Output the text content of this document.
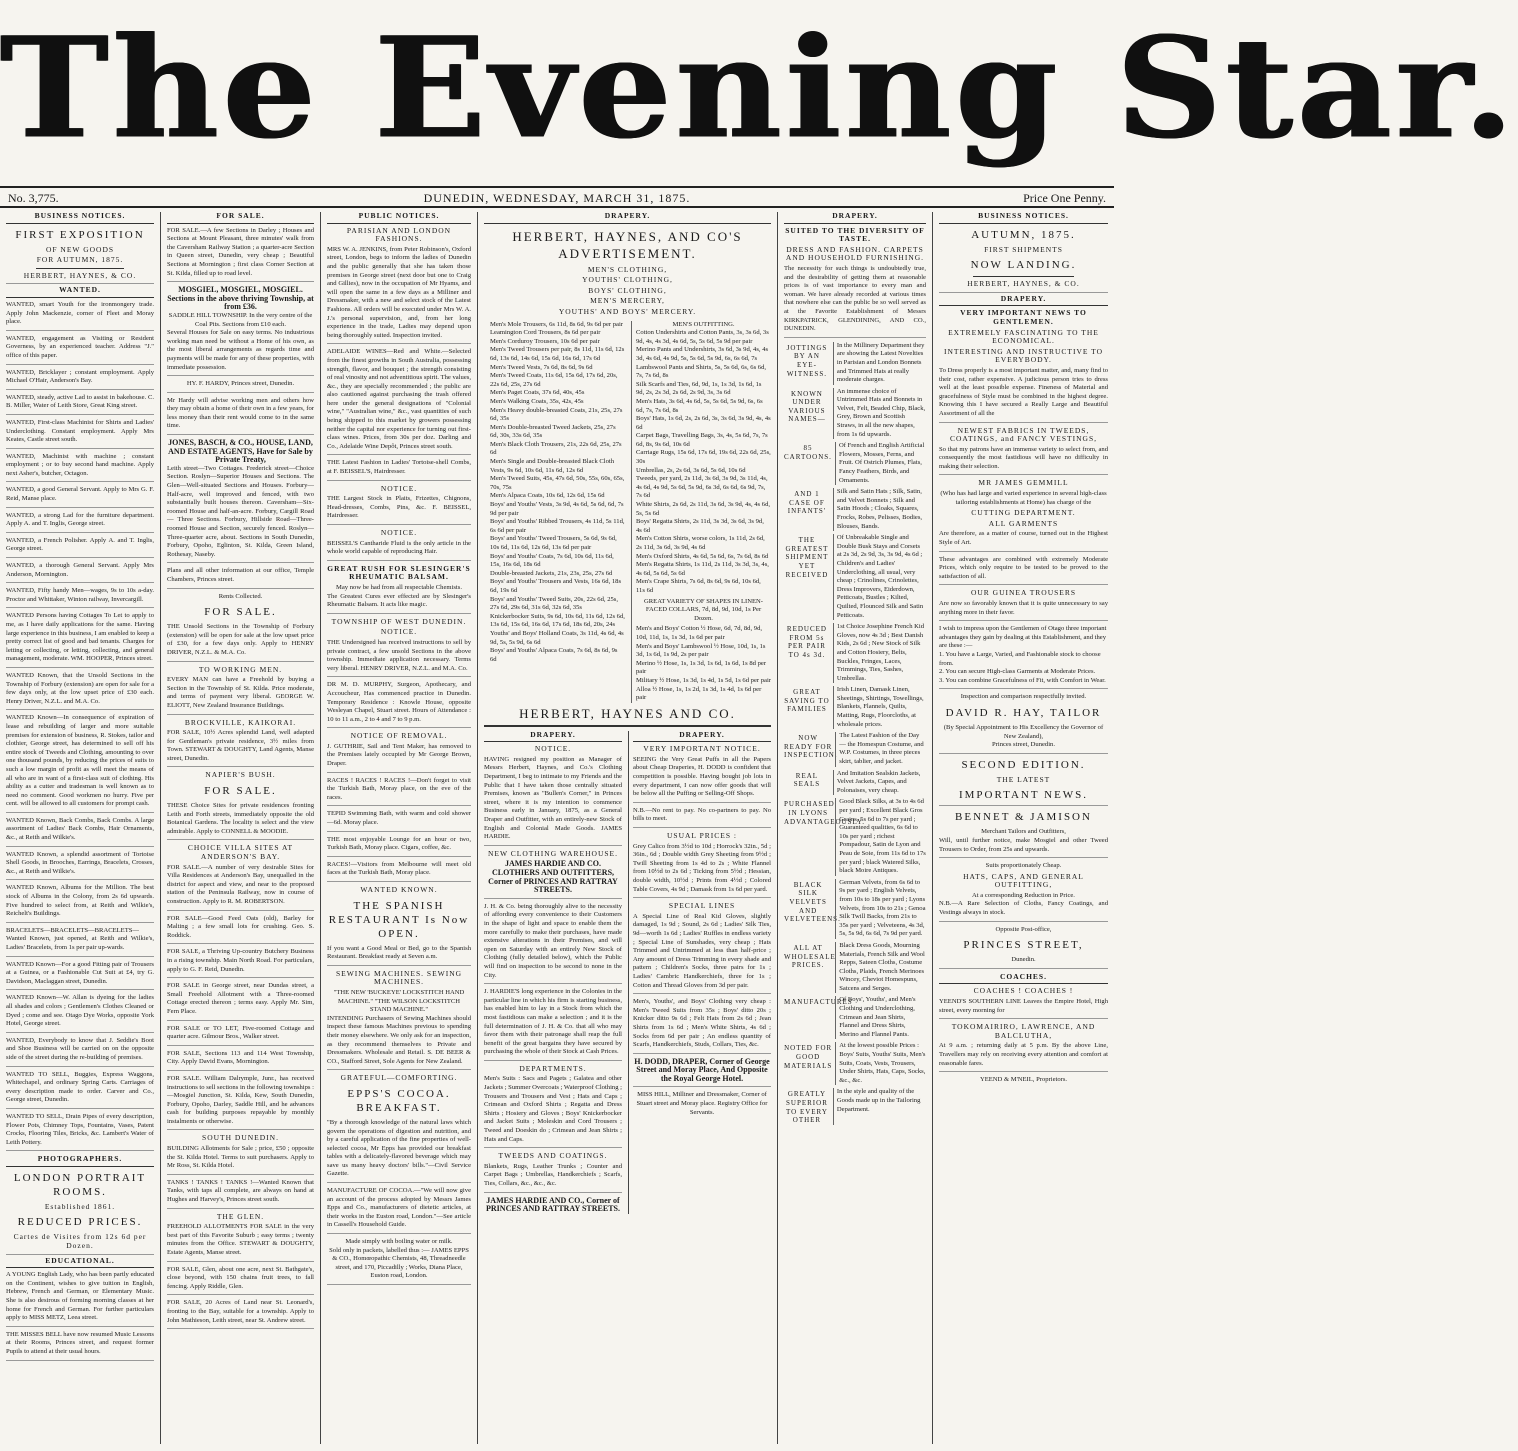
The Evening Star.
No. 3,775.	DUNEDIN, WEDNESDAY, MARCH 31, 1875.	Price One Penny.
BUSINESS NOTICES.
FIRST EXPOSITION
OF NEW GOODS
FOR AUTUMN, 1875.
HERBERT, HAYNES, & CO.
WANTED.
WANTED, smart Youth for the ironmongery trade. Apply John Mackenzie, corner of Fleet and Moray place.
WANTED, engagement as Visiting or Resident Governess, by an experienced teacher. Address "J." office of this paper.
WANTED, Bricklayer ; constant employment. Apply Michael O'Hair, Anderson's Bay.
WANTED, steady, active Lad to assist in bakehouse. C. B. Miller, Water of Leith Store, Great King street.
WANTED, First-class Machinist for Shirts and Ladies' Underclothing. Constant employment. Apply Mrs Keates, Castle street south.
WANTED, Machinist with machine ; constant employment ; or to buy second hand machine. Apply next Asher's, butcher, Octagon.
WANTED, a good General Servant. Apply to Mrs G. F. Reid, Manse place.
WANTED, a strong Lad for the furniture department. Apply A. and T. Inglis, George street.
WANTED, a French Polisher. Apply A. and T. Inglis, George street.
WANTED, a thorough General Servant. Apply Mrs Anderson, Mornington.
WANTED, Fifty handy Men—wages, 9s to 10s a-day. Proctor and Whittaker, Winton railway, Invercargill.
WANTED Persons having Cottages To Let to apply to me, as I have daily applications for the same. Having large experience in this business, I am enabled to keep a pretty correct list of good and bad tenants. Charges for letting or collecting, or letting, collecting, and general management, moderate. WM. HOOPER, Princes street.
WANTED Known, that the Unsold Sections in the Township of Forbury (extension) are open for sale for a few days only, at the low upset price of £30 each. Henry Driver, N.Z.L. and M.A. Co.
WANTED Known—In consequence of expiration of lease and rebuilding of larger and more suitable premises for extension of business, R. Stokes, tailor and clothier, George street, has determined to sell off his entire stock of Tweeds and Clothing, amounting to over one thousand pounds, by reducing the prices of suits to such a low margin of profit as will meet the means of all who are in want of a first-class suit of clothing. His ability as a cutter and tradesman is well known as to need no comment. Good workmen no hurry. Five per cent. will be allowed to all customers for prompt cash.
WANTED Known, Back Combs, Back Combs. A large assortment of Ladies' Back Combs, Hair Ornaments, &c., at Reith and Wilkie's.
WANTED Known, a splendid assortment of Tortoise Shell Goods, in Brooches, Earrings, Bracelets, Crosses, &c., at Reith and Wilkie's.
WANTED Known, Albums for the Million. The best stock of Albums in the Colony, from 2s 6d upwards. Five hundred to select from, at Reith and Wilkie's, Reichelt's Buildings.
BRACELETS—BRACELETS—BRACELETS—Wanted Known, just opened, at Reith and Wilkie's, Ladies' Bracelets, from 1s per pair up-wards.
WANTED Known—For a good Fitting pair of Trousers at a Guinea, or a Fashionable Cut Suit at £4, try G. Davidson, Maclaggan street, Dunedin.
WANTED Known—W. Allan is dyeing for the ladies all shades and colors ; Gentlemen's Clothes Cleaned or Dyed ; come and see. Otago Dye Works, opposite York Hotel, George street.
WANTED, Everybody to know that J. Seddie's Boot and Shoe Business will be carried on on the opposite side of the street during the re-building of premises.
WANTED TO SELL, Buggies, Express Waggons, Whitechapel, and ordinary Spring Carts. Carriages of every description made to order. Carver and Co., George street, Dunedin.
WANTED TO SELL, Drain Pipes of every description, Flower Pots, Chimney Tops, Fountains, Vases, Patent Crocks, Flooring Tiles, Bricks, &c. Lambert's Water of Leith Pottery.
PHOTOGRAPHERS.
LONDON PORTRAIT ROOMS.
Established 1861.
REDUCED PRICES.
Cartes de Visites from 12s 6d per Dozen.
EDUCATIONAL.
A YOUNG English Lady, who has been partly educated on the Continent, wishes to give tuition in English, Hebrew, French and German, or Elementary Music. She is also desirous of forming morning classes at her home for French and German. For further particulars apply to MISS METZ, Leea street.
THE MISSES BELL have now resumed Music Lessons at their Rooms, Princes street, and request former Pupils to attend at their usual hours.
FOR SALE.
FOR SALE.—A few Sections in Darley ; Houses and Sections at Mount Pleasant, three minutes' walk from the Caversham Railway Station ; a quarter-acre Section in Queen street, Dunedin, very cheap ; Beautiful Sections at Mornington ; first class Corner Section at St. Kilda, filled up to road level.
MOSGIEL, MOSGIEL, MOSGIEL. Sections in the above thriving Township, at from £36.
SADDLE HILL TOWNSHIP. In the very centre of the Coal Pits. Sections from £10 each.
Several Houses for Sale on easy terms. No industrious working man need be without a Home of his own, as the most liberal arrangements as regards time and payments will be made for any of these properties, with immediate possession.
HY. F. HARDY, Princes street, Dunedin.
Mr Hardy will advise working men and others how they may obtain a home of their own in a few years, for less money than their rent would come to in the same time.
JONES, BASCH, & CO., HOUSE, LAND, AND ESTATE AGENTS, Have for Sale by Private Treaty,
Leith street—Two Cottages. Frederick street—Choice Section. Roslyn—Superior Houses and Sections. The Glen—Well-situated Sections and Houses. Forbury—Half-acre, well improved and fenced, with two substantially built houses thereon. Caversham—Six-roomed House and half-an-acre. Forbury, Cargill Road — Three Sections. Forbury, Hillside Road—Three-roomed House and Section, securely fenced. Roslyn—Three-quarter acre, about. Sections in South Dunedin, Forbury, Opoho, Eglinton, St. Kilda, Green Island, Rothesay, Naseby.
Plans and all other information at our office, Temple Chambers, Princes street.
Rents Collected.
FOR SALE.
THE Unsold Sections in the Township of Forbury (extension) will be open for sale at the low upset price of £30, for a few days only. Apply to HENRY DRIVER, N.Z.L. & M.A. Co.
TO WORKING MEN.
EVERY MAN can have a Freehold by buying a Section in the Township of St. Kilda. Price moderate, and terms of payment very liberal. GEORGE W. ELIOTT, New Zealand Insurance Buildings.
BROCKVILLE, KAIKORAI.
FOR SALE, 10½ Acres splendid Land, well adapted for Gentleman's private residence, 3½ miles from Town. STEWART & DOUGHTY, Land Agents, Manse street, Dunedin.
NAPIER'S BUSH.
FOR SALE.
THESE Choice Sites for private residences fronting Leith and Forth streets, immediately opposite the old Botanical Gardens. The locality is select and the view admirable. Apply to CONNELL & MOODIE.
CHOICE VILLA SITES AT ANDERSON'S BAY.
FOR SALE.—A number of very desirable Sites for Villa Residences at Anderson's Bay, unequalled in the district for aspect and view, and near to the proposed station of the Peninsula Railway, now in course of construction. Apply to R. M. ROBERTSON.
FOR SALE—Good Feed Oats (old), Barley for Malting ; a few small lots for crushing. Geo. S. Roddick.
FOR SALE, a Thriving Up-country Butchery Business in a rising township. Main North Road. For particulars, apply to G. F. Reid, Dunedin.
FOR SALE in George street, near Dundas street, a Small Freehold Allotment with a Three-roomed Cottage erected thereon ; terms easy. Apply Mr. Sim, Fern Place.
FOR SALE or TO LET, Five-roomed Cottage and quarter acre. Gilmour Bros., Walker street.
FOR SALE, Sections 113 and 114 West Township, City. Apply David Evans, Mornington.
FOR SALE. William Dalrymple, Junr., has received instructions to sell sections in the following townships :—Mosgiel Junction, St. Kilda, Kew, South Dunedin, Forbury, Opoho, Darley, Saddle Hill, and he advances cash for building purposes repayable by monthly instalments or otherwise.
SOUTH DUNEDIN.
BUILDING Allotments for Sale ; price, £50 ; opposite the St. Kilda Hotel. Terms to suit purchasers. Apply to Mr Ross, St. Kilda Hotel.
TANKS ! TANKS ! TANKS !—Wanted Known that Tanks, with taps all complete, are always on hand at Hughes and Harvey's, Princes street south.
THE GLEN.
FREEHOLD ALLOTMENTS FOR SALE in the very best part of this Favorite Suburb ; easy terms ; twenty minutes from the Office. STEWART & DOUGHTY, Estate Agents, Manse street.
FOR SALE, Glen, about one acre, next St. Bathgate's, close beyond, with 150 chains fruit trees, to fall fencing. Apply Riddle, Glen.
FOR SALE, 20 Acres of Land near St. Leonard's, fronting to the Bay, suitable for a township. Apply to John Mathieson, Leith street, near St. Andrew street.
PUBLIC NOTICES.
PARISIAN AND LONDON FASHIONS.
MRS W. A. JENKINS, from Peter Robinson's, Oxford street, London, begs to inform the ladies of Dunedin and the public generally that she has taken those premises in George street (next door but one to Craig and Gillies), now in the occupation of Mr Hyams, and will open the same in a few days as a Milliner and Dressmaker, with a new and select stock of the Latest Fashions. All orders will be executed under Mrs W. A. J.'s personal supervision, and, from her long experience in the trade, Ladies may depend upon being thoroughly suited. Inspection invited.
ADELAIDE WINES—Red and White.—Selected from the finest growths in South Australia, possessing strength, flavor, and bouquet ; the strength consisting of real vinosity and not adventitious spirit. The values, &c., they are specially recommended ; the public are also cautioned against purchasing the trash offered here under the general designations of "Colonial wine," "Australian wine," &c., vast quantities of such being shipped to this market by growers possessing neither the capital nor experience for turning out first-class wines. Prices, from 30s per doz. Darling and Co., Adelaide Wine Depôt, Princes street south.
THE Latest Fashion in Ladies' Tortoise-shell Combs, at F. BEISSEL'S, Hairdresser.
NOTICE.
THE Largest Stock in Plaits, Frizettes, Chignons, Head-dresses, Combs, Pins, &c. F. BEISSEL, Hairdresser.
NOTICE.
BEISSEL'S Cantharide Fluid is the only article in the whole world capable of reproducing Hair.
GREAT RUSH FOR SLESINGER'S RHEUMATIC BALSAM.
May now be had from all respectable Chemists.
The Greatest Cures ever effected are by Slesinger's Rheumatic Balsam. It acts like magic.
TOWNSHIP OF WEST DUNEDIN.
NOTICE.
THE Undersigned has received instructions to sell by private contract, a few unsold Sections in the above township. Immediate application necessary. Terms very liberal. HENRY DRIVER, N.Z.L. and M.A. Co.
DR M. D. MURPHY, Surgeon, Apothecary, and Accoucheur, Has commenced practice in Dunedin. Temporary Residence : Knowle House, opposite Wesleyan Chapel, Stuart street. Hours of Attendance : 10 to 11 a.m., 2 to 4 and 7 to 9 p.m.
NOTICE OF REMOVAL.
J. GUTHRIE, Sail and Tent Maker, has removed to the Premises lately occupied by Mr George Brown, Draper.
RACES ! RACES ! RACES !—Don't forget to visit the Turkish Bath, Moray place, on the eve of the races.
TEPID Swimming Bath, with warm and cold shower—6d. Moray place.
THE most enjoyable Lounge for an hour or two, Turkish Bath, Moray place. Cigars, coffee, &c.
RACES!—Visitors from Melbourne will meet old faces at the Turkish Bath, Moray place.
WANTED KNOWN.
THE SPANISH RESTAURANT Is Now OPEN.
If you want a Good Meal or Bed, go to the Spanish Restaurant. Breakfast ready at Seven a.m.
SEWING MACHINES. SEWING MACHINES.
"THE NEW 'BUCKEYE' LOCKSTITCH HAND MACHINE." "THE WILSON LOCKSTITCH STAND MACHINE."
INTENDING Purchasers of Sewing Machines should inspect these famous Machines previous to spending their money elsewhere. We only ask for an inspection, as they recommend themselves to Private and Dressmakers. Wholesale and Retail. S. DE BEER & CO., Stafford Street, Sole Agents for New Zealand.
GRATEFUL—COMFORTING.
EPPS'S COCOA. BREAKFAST.
"By a thorough knowledge of the natural laws which govern the operations of digestion and nutrition, and by a careful application of the fine properties of well-selected cocoa, Mr Epps has provided our breakfast tables with a delicately-flavored beverage which may save us many heavy doctors' bills."—Civil Service Gazette.
MANUFACTURE OF COCOA.—"We will now give an account of the process adopted by Messrs James Epps and Co., manufacturers of dietetic articles, at their works in the Euston road, London."—See article in Cassell's Household Guide.
Made simply with boiling water or milk.
Sold only in packets, labelled thus :— JAMES EPPS & CO., Homœopathic Chemists, 48, Threadneedle street, and 170, Piccadilly ; Works, Diana Place, Euston road, London.
DRAPERY.
HERBERT, HAYNES, AND CO'S ADVERTISEMENT.
MEN'S CLOTHING,
YOUTHS' CLOTHING,
BOYS' CLOTHING,
MEN'S MERCERY,
YOUTHS' AND BOYS' MERCERY.
Men's Mole Trousers, 6s 11d, 8s 6d, 9s 6d per pair
Leamington Cord Trousers, 8s 6d per pair
Men's Corduroy Trousers, 10s 6d per pair
Men's Tweed Trousers per pair, 8s 11d, 11s 6d, 12s 6d, 13s 6d, 14s 6d, 15s 6d, 16s 6d, 17s 6d
Men's Tweed Vests, 7s 6d, 8s 6d, 9s 6d
Men's Tweed Coats, 11s 6d, 15s 6d, 17s 6d, 20s, 22s 6d, 25s, 27s 6d
Men's Paget Coats, 37s 6d, 40s, 45s
Men's Walking Coats, 35s, 42s, 45s
Men's Heavy double-breasted Coats, 21s, 25s, 27s 6d, 35s
Men's Double-breasted Tweed Jackets, 25s, 27s 6d, 30s, 33s 6d, 35s
Men's Black Cloth Trousers, 21s, 22s 6d, 25s, 27s 6d
Men's Single and Double-breasted Black Cloth Vests, 9s 6d, 10s 6d, 11s 6d, 12s 6d
Men's Tweed Suits, 45s, 47s 6d, 50s, 55s, 60s, 65s, 70s, 75s
Men's Alpaca Coats, 10s 6d, 12s 6d, 15s 6d
Boys' and Youths' Vests, 3s 9d, 4s 6d, 5s 6d, 6d, 7s 9d per pair
Boys' and Youths' Ribbed Trousers, 4s 11d, 5s 11d, 6s 6d per pair
Boys' and Youths' Tweed Trousers, 5s 6d, 9s 6d, 10s 6d, 11s 6d, 12s 6d, 13s 6d per pair
Boys' and Youths' Coats, 7s 6d, 10s 6d, 11s 6d, 15s, 16s 6d, 18s 6d
Double-breasted Jackets, 21s, 23s, 25s, 27s 6d
Boys' and Youths' Trousers and Vests, 16s 6d, 18s 6d, 19s 6d
Boys' and Youths' Tweed Suits, 20s, 22s 6d, 25s, 27s 6d, 29s 6d, 31s 6d, 32s 6d, 35s
Knickerbocker Suits, 9s 6d, 10s 6d, 11s 6d, 12s 6d, 13s 6d, 15s 6d, 16s 6d, 17s 6d, 18s 6d, 20s, 24s
Youths' and Boys' Holland Coats, 3s 11d, 4s 6d, 4s 9d, 5s, 5s 9d, 6s 6d
Boys' and Youths' Alpaca Coats, 7s 6d, 8s 6d, 9s 6d
MEN'S OUTFITTING.
Cotton Undershirts and Cotton Pants, 3s, 3s 6d, 3s 9d, 4s, 4s 3d, 4s 6d, 5s, 5s 6d, 5s 9d per pair
Merino Pants and Undershirts, 3s 6d, 3s 9d, 4s, 4s 3d, 4s 6d, 4s 9d, 5s, 5s 6d, 5s 9d, 6s, 6s 6d, 7s
Lambswool Pants and Shirts, 5s, 5s 6d, 6s, 6s 6d, 7s, 7s 6d, 8s
Silk Scarfs and Ties, 6d, 9d, 1s, 1s 3d, 1s 6d, 1s 9d, 2s, 2s 3d, 2s 6d, 2s 9d, 3s, 3s 6d
Men's Hats, 3s 6d, 4s 6d, 5s, 5s 6d, 5s 9d, 6s, 6s 6d, 7s, 7s 6d, 8s
Boys' Hats, 1s 6d, 2s, 2s 6d, 3s, 3s 6d, 3s 9d, 4s, 4s 6d
Carpet Bags, Travelling Bags, 3s, 4s, 5s 6d, 7s, 7s 6d, 8s, 9s 6d, 10s 6d
Carriage Rugs, 15s 6d, 17s 6d, 19s 6d, 22s 6d, 25s, 30s
Umbrellas, 2s, 2s 6d, 3s 6d, 5s 6d, 10s 6d
Tweeds, per yard, 2s 11d, 3s 6d, 3s 9d, 3s 11d, 4s, 4s 6d, 4s 9d, 5s 6d, 5s 9d, 6s 3d, 6s 6d, 6s 9d, 7s, 7s 6d
White Shirts, 2s 6d, 2s 11d, 3s 6d, 3s 9d, 4s, 4s 6d, 5s, 5s 6d
Boys' Regatta Shirts, 2s 11d, 3s 3d, 3s 6d, 3s 9d, 4s 6d
Men's Cotton Shirts, worse colors, 1s 11d, 2s 6d, 2s 11d, 3s 6d, 3s 9d, 4s 6d
Men's Oxford Shirts, 4s 6d, 5s 6d, 6s, 7s 6d, 8s 6d
Men's Regatta Shirts, 1s 11d, 2s 11d, 3s 3d, 3s, 4s, 4s 6d, 5s 6d, 5s 6d
Men's Crape Shirts, 7s 6d, 8s 6d, 9s 6d, 10s 6d, 11s 6d
GREAT VARIETY OF SHAPES IN LINEN-FACED COLLARS, 7d, 8d, 9d, 10d, 1s Per Dozen.
Men's and Boys' Cotton ½ Hose, 6d, 7d, 8d, 9d, 10d, 11d, 1s, 1s 3d, 1s 6d per pair
Men's and Boys' Lambswool ½ Hose, 10d, 1s, 1s 3d, 1s 6d, 1s 9d, 2s per pair
Merino ½ Hose, 1s, 1s 3d, 1s 6d, 1s 6d, 1s 8d per pair
Military ½ Hose, 1s 3d, 1s 4d, 1s 5d, 1s 6d per pair
Alloa ½ Hose, 1s, 1s 2d, 1s 3d, 1s 4d, 1s 6d per pair
HERBERT, HAYNES AND CO.
DRAPERY.
NOTICE.
HAVING resigned my position as Manager of Messrs Herbert, Haynes, and Co.'s Clothing Department, I beg to intimate to my Friends and the Public that I have taken those centrally situated Premises, known as "Bullen's Corner," in Princes street, where it is my intention to commence Business early in January, 1875, as a General Draper and Outfitter, with an entirely-new Stock of English and Colonial Made Goods. JAMES HARDIE.
NEW CLOTHING WAREHOUSE.
JAMES HARDIE AND CO. CLOTHIERS AND OUTFITTERS, Corner of PRINCES AND RATTRAY STREETS.
J. H. & Co. being thoroughly alive to the necessity of affording every convenience to their Customers in the shape of light and space to enable them the more carefully to make their purchases, have made extensive alterations in their Premises, and will open on Saturday with an entirely New Stock of Clothing (fully detailed below), which the Public will find on inspection to be second to none in the City.
J. HARDIE'S long experience in the Colonies in the particular line in which his firm is starting business, has enabled him to lay in a Stock from which the most fastidious can make a selection ; and it is the full determination of J. H. & Co. that all who may favor them with their patronage shall reap the full benefit of the great bargains they have secured by purchasing the whole of their Stock at Cash Prices.
DEPARTMENTS.
Men's Suits : Sacs and Pagets ; Galatea and other Jackets ; Summer Overcoats ; Waterproof Clothing ; Trousers and Trousers and Vest ; Hats and Caps ; Crimean and Oxford Shirts ; Regatta and Dress Shirts ; Hosiery and Gloves ; Boys' Knickerbocker and Jacket Suits ; Moleskin and Cord Trousers ; Tweed and Doeskin do ; Crimean and Jean Shirts ; Hats and Caps.
TWEEDS AND COATINGS.
Blankets, Rugs, Leather Trunks ; Counter and Carpet Bags ; Umbrellas, Handkerchiefs ; Scarfs, Ties, Collars, &c., &c., &c.
JAMES HARDIE AND CO., Corner of PRINCES AND RATTRAY STREETS.
DRAPERY.
VERY IMPORTANT NOTICE.
SEEING the Very Great Puffs in all the Papers about Cheap Draperies, H. DODD is confident that competition is possible. Having bought job lots in every department, I can now offer goods that will be below all the Puffing or Selling-Off Shops.
N.B.—No rent to pay. No co-partners to pay. No bills to meet.
USUAL PRICES :
Grey Calico from 3½d to 10d ; Horrock's 32in., 5d ; 36in., 6d ; Double width Grey Sheeting from 9½d ; Twill Sheeting from 1s 4d to 2s ; White Flannel from 10½d to 2s 6d ; Ticking from 5½d ; Hessian, double width, 10½d ; Prints from 4½d ; Colored Table Covers, 4s 9d ; Damask from 1s 6d per yard.
SPECIAL LINES
A Special Line of Real Kid Gloves, slightly damaged, 1s 9d ; Sound, 2s 6d ; Ladies' Silk Ties, 9d—worth 1s 6d ; Ladies' Ruffles in endless variety ; Special Line of Sunshades, very cheap ; Hats Trimmed and Untrimmed at less than half-price ; Any amount of Dress Trimming in every shade and pattern ; Children's Socks, three pairs for 1s ; Ladies' Cambric Handkerchiefs, three for 1s ; Cotton and Thread Gloves from 3d per pair.
Men's, Youths', and Boys' Clothing very cheap : Men's Tweed Suits from 35s ; Boys' ditto 20s ; Knicker ditto 9s 6d ; Felt Hats from 2s 6d ; Jean Shirts from 1s 6d ; Men's White Shirts, 4s 6d ; Socks from 6d per pair ; An endless quantity of Scarfs, Handkerchiefs, Studs, Collars, Ties, &c.
H. DODD, DRAPER, Corner of George Street and Moray Place, And Opposite the Royal George Hotel.
MISS HILL, Milliner and Dressmaker, Corner of Stuart street and Moray place. Registry Office for Servants.
DRAPERY.
SUITED TO THE DIVERSITY OF TASTE.
DRESS AND FASHION. CARPETS AND HOUSEHOLD FURNISHING.
The necessity for such things is undoubtedly true, and the desirability of getting them at reasonable prices is of vast importance to every man and woman. We have already recorded at various times that nowhere else can the public be so well served as at the Favorite Establishment of Messrs KIRKPATRICK, GLENDINING, AND CO., DUNEDIN.
JOTTINGS BY AN EYE-WITNESS.
In the Millinery Department they are showing the Latest Novelties in Parisian and London Bonnets and Trimmed Hats at really moderate charges.
KNOWN UNDER VARIOUS NAMES—
An immense choice of Untrimmed Hats and Bonnets in Velvet, Felt, Beaded Chip, Black, Grey, Brown and Scottish Straws, in all the new shapes, from 1s 6d upwards.
85 CARTOONS.
Of French and English Artificial Flowers, Mosses, Ferns, and Fruit. Of Ostrich Plumes, Flats, Fancy Feathers, Birds, and Ornaments.
AND 1 CASE OF INFANTS'
Silk and Satin Hats ; Silk, Satin, and Velvet Bonnets ; Silk and Satin Hoods ; Cloaks, Squares, Frocks, Robes, Pelisses, Bodies, Blouses, Bands.
THE GREATEST SHIPMENT YET RECEIVED
Of Unbreakable Single and Double Busk Stays and Corsets at 2s 3d, 2s 9d, 3s, 3s 9d, 4s 6d ; Children's and Ladies' Underclothing, all usual, very cheap ; Crinolines, Crinolettes, Dress Improvers, Eiderdown, Petticoats, Bustles ; Kilted, Quilted, Flounced Silk and Satin Petticoats.
REDUCED FROM 5s PER PAIR TO 4s 3d.
1st Choice Josephine French Kid Gloves, now 4s 3d ; Best Danish Kids, 2s 6d ; New Stock of Silk and Cotton Hosiery, Belts, Buckles, Fringes, Laces, Trimmings, Ties, Sashes, Umbrellas.
GREAT SAVING TO FAMILIES
Irish Linen, Damask Linen, Sheetings, Shirtings, Towellings, Blankets, Flannels, Quilts, Matting, Rugs, Floorcloths, at wholesale prices.
NOW READY FOR INSPECTION.
The Latest Fashion of the Day — the Homespun Costume, and W.P. Costumes, in three pieces skirt, tablier, and jacket.
REAL SEALS
And Imitation Sealskin Jackets, Velvet Jackets, Capes, and Polonaises, very cheap.
PURCHASED IN LYONS ADVANTAGEOUSLY.
Good Black Silks, at 3s to 4s 6d per yard ; Excellent Black Gros Grains, 5s 6d to 7s per yard ; Guaranteed qualities, 6s 6d to 10s per yard ; richest Pompadour, Satin de Lyon and Peau de Soie, from 11s 6d to 17s per yard ; black Watered Silks, black Moire Antiques.
BLACK SILK VELVETS AND VELVETEENS.
German Velvets, from 6s 6d to 9s per yard ; English Velvets, from 10s to 18s per yard ; Lyons Velvets, from 10s to 21s ; Genoa Silk Twill Backs, from 21s to 35s per yard ; Velveteens, 4s 3d, 5s, 5s 9d, 6s 6d, 7s 9d per yard.
ALL AT WHOLESALE PRICES.
Black Dress Goods, Mourning Materials, French Silk and Wool Repps, Sateen Cloths, Costume Cloths, Plaids, French Merinoes Wincey, Cheviot Homespuns, Satcens and Serges.
MANUFACTURES
Of Boys', Youths', and Men's Clothing and Underclothing, Crimean and Jean Shirts, Flannel and Dress Shirts, Merino and Flannel Pants.
NOTED FOR GOOD MATERIALS
At the lowest possible Prices : Boys' Suits, Youths' Suits, Men's Suits, Coats, Vests, Trousers, Under Shirts, Hats, Caps, Socks, &c., &c.
GREATLY SUPERIOR TO EVERY OTHER
In the style and quality of the Goods made up in the Tailoring Department.
BUSINESS NOTICES.
AUTUMN, 1875.
FIRST SHIPMENTS
NOW LANDING.
HERBERT, HAYNES, & CO.
DRAPERY.
VERY IMPORTANT NEWS TO GENTLEMEN.
EXTREMELY FASCINATING TO THE ECONOMICAL.
INTERESTING AND INSTRUCTIVE TO EVERYBODY.
To Dress properly is a most important matter, and, many find to their cost, rather expensive. A judicious person tries to dress well at the least possible expense. Fineness of Material and gracefulness of Style must be combined in the highest degree. Knowing this I have secured a Really Large and Beautiful Assortment of all the
NEWEST FABRICS IN TWEEDS, COATINGS, and FANCY VESTINGS,
So that my patrons have an immense variety to select from, and consequently the most fastidious will have no difficulty in making their selection.
MR JAMES GEMMILL
(Who has had large and varied experience in several high-class tailoring establishments at Home) has charge of the
CUTTING DEPARTMENT.
ALL GARMENTS
Are therefore, as a matter of course, turned out in the Highest Style of Art.
These advantages are combined with extremely Moderate Prices, which only require to be tested to be proved to the satisfaction of all.
OUR GUINEA TROUSERS
Are now so favorably known that it is quite unnecessary to say anything more in their favor.
I wish to impress upon the Gentlemen of Otago three important advantages they gain by dealing at this Establishment, and they are these :—
1. You have a Large, Varied, and Fashionable stock to choose from.
2. You can secure High-class Garments at Moderate Prices.
3. You can combine Gracefulness of Fit, with Comfort in Wear.
Inspection and comparison respectfully invited.
DAVID R. HAY, TAILOR
(By Special Appointment to His Excellency the Governor of New Zealand),
Princes street, Dunedin.
SECOND EDITION.
THE LATEST
IMPORTANT NEWS.
BENNET & JAMISON
Merchant Tailors and Outfitters,
Will, until further notice, make Mosgiel and other Tweed Trousers to Order, from 25s and upwards.
Suits proportionately Cheap.
HATS, CAPS, AND GENERAL OUTFITTING,
At a corresponding Reduction in Price.
N.B.—A Rare Selection of Cloths, Fancy Coatings, and Vestings always in stock.
Opposite Post-office,
PRINCES STREET,
Dunedin.
COACHES.
COACHES ! COACHES !
YEEND'S SOUTHERN LINE Leaves the Empire Hotel, High street, every morning for
TOKOMAIRIRO, LAWRENCE, AND BALCLUTHA,
At 9 a.m. ; returning daily at 5 p.m. By the above Line, Travellers may rely on receiving every attention and comfort at reasonable fares.
YEEND & M'NEIL, Proprietors.
